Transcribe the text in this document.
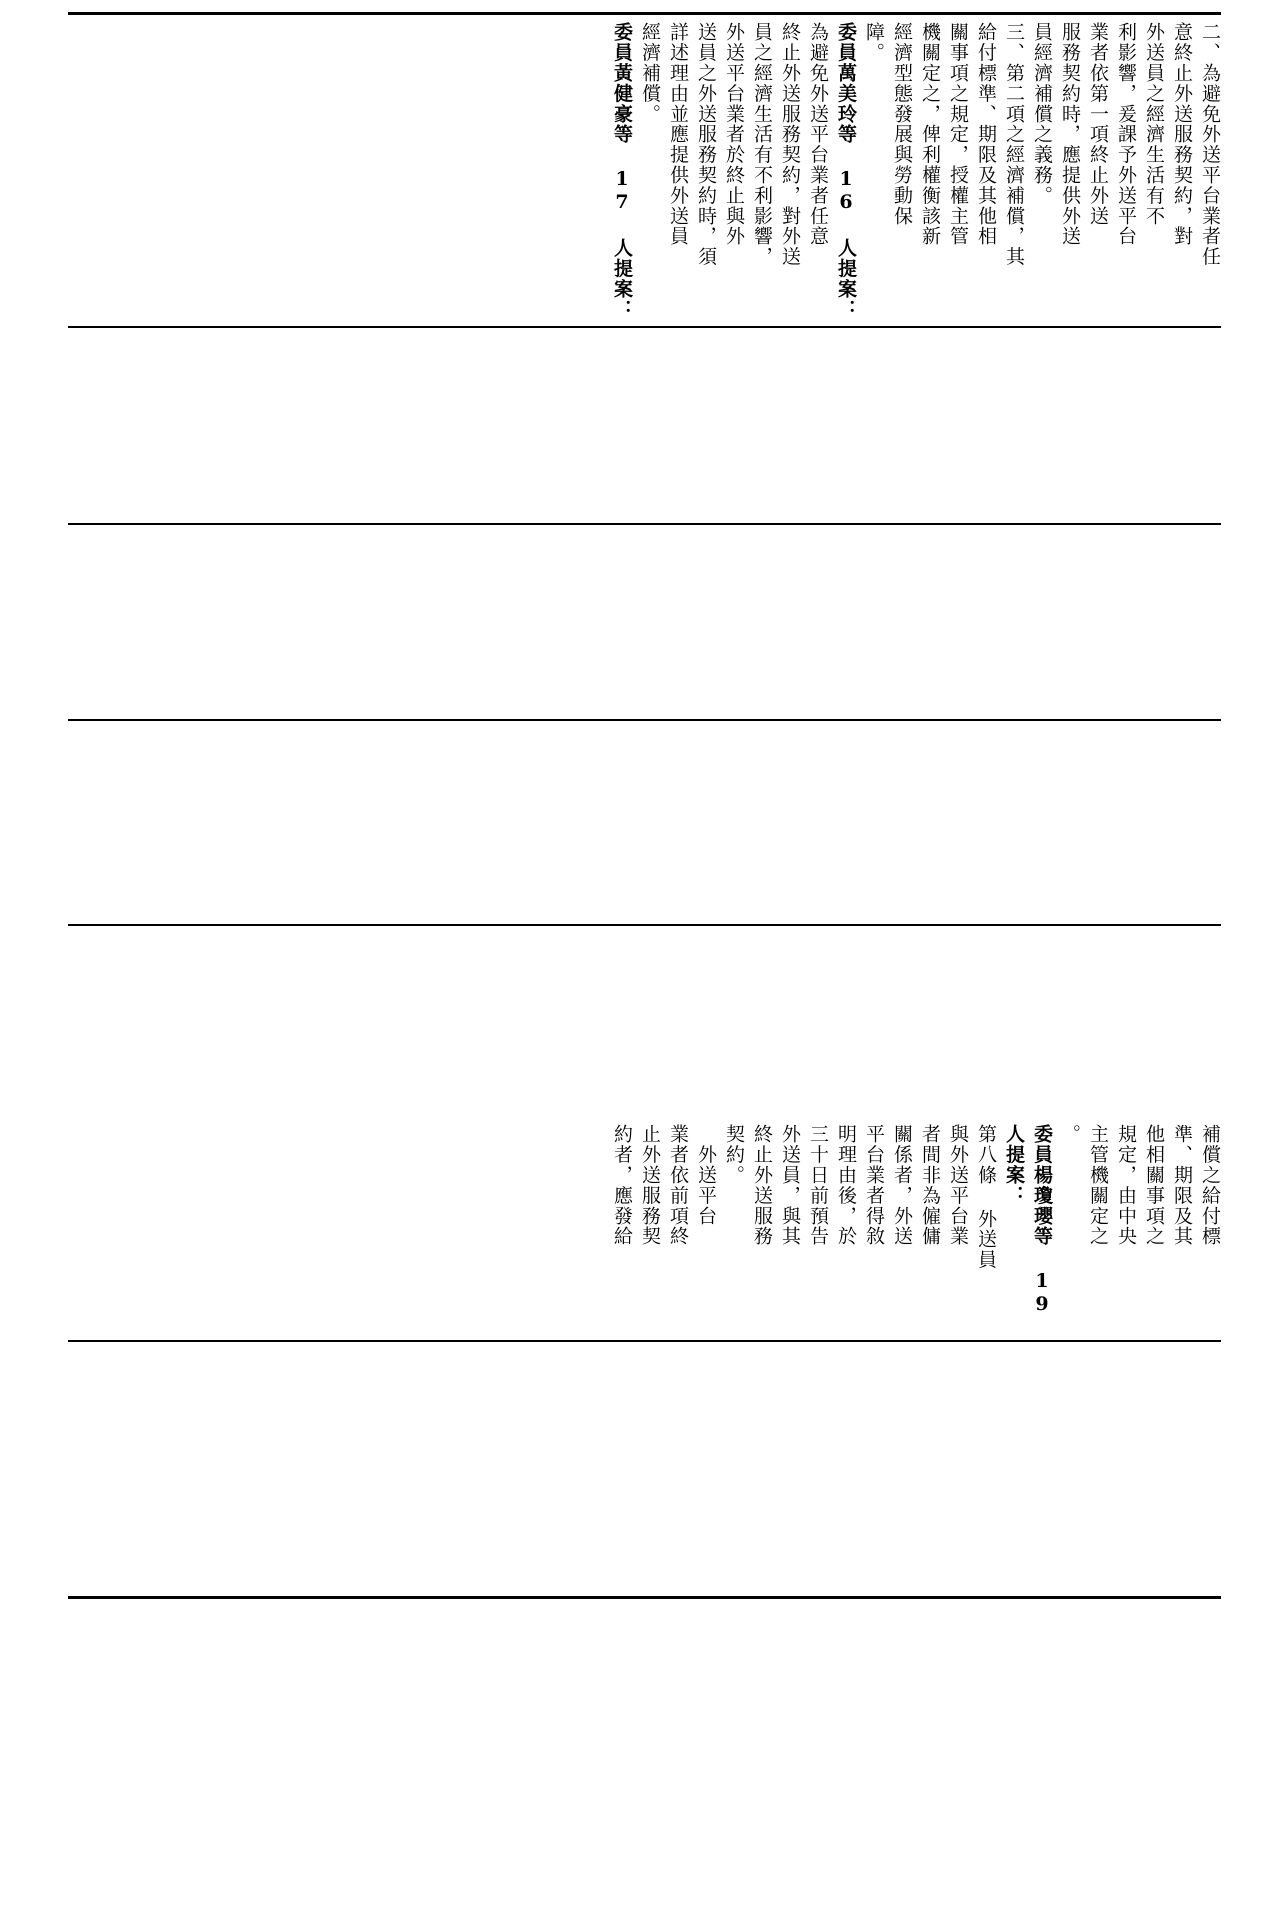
二、為避免外送平台業者任
意終止外送服務契約，對
外送員之經濟生活有不
利影響，爰課予外送平台
業者依第一項終止外送
服務契約時，應提供外送
員經濟補償之義務。
三、第二項之經濟補償，其
給付標準、期限及其他相
關事項之規定，授權主管
機關定之，俾利權衡該新
經濟型態發展與勞動保
障。
委員萬美玲等 16 人提案：
為避免外送平台業者任意
終止外送服務契約，對外送
員之經濟生活有不利影響，
外送平台業者於終止與外
送員之外送服務契約時，須
詳述理由並應提供外送員
經濟補償。
委員黃健豪等 17 人提案：
補償之給付標
準、期限及其
他相關事項之
規定，由中央
主管機關定之
。
委員楊瓊瓔等 19
人提案：
第八條 外送員
與外送平台業
者間非為僱傭
關係者，外送
平台業者得敘
明理由後，於
三十日前預告
外送員，與其
終止外送服務
契約。
　外送平台
業者依前項終
止外送服務契
約者，應發給
